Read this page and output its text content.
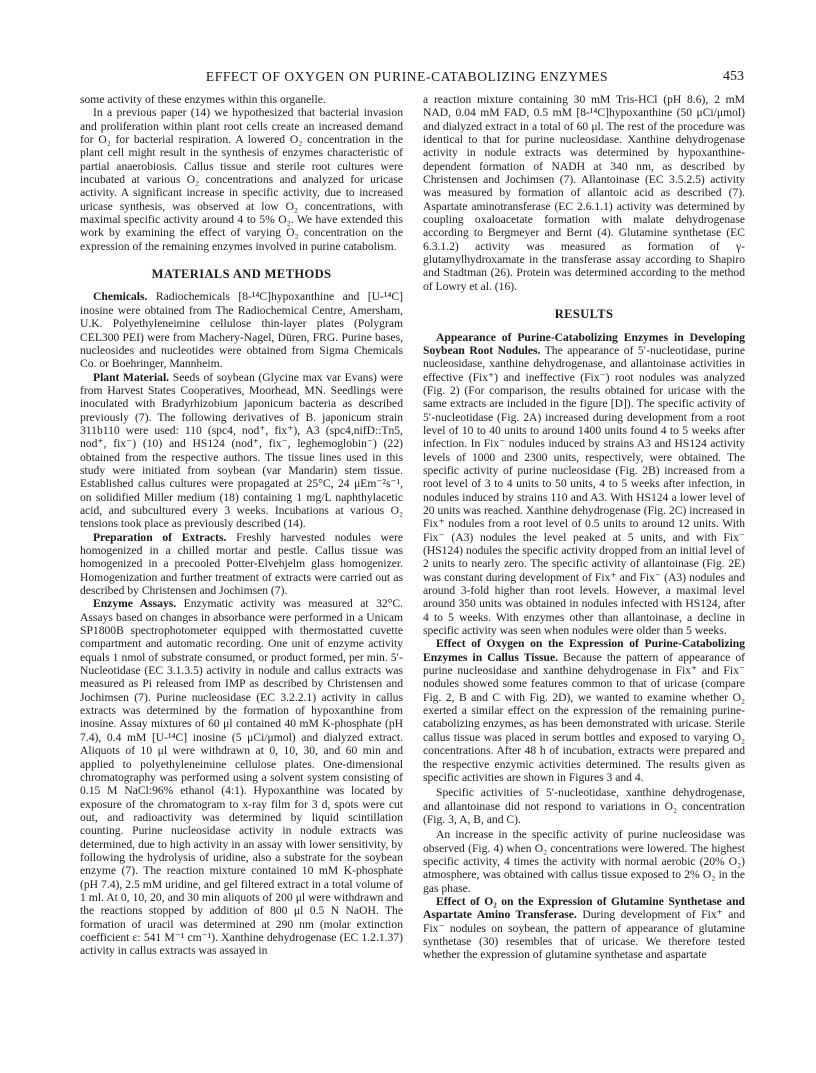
EFFECT OF OXYGEN ON PURINE-CATABOLIZING ENZYMES	453

some activity of these enzymes within this organelle.

In a previous paper (14) we hypothesized that bacterial invasion and proliferation within plant root cells create an increased demand for O₂ for bacterial respiration. A lowered O₂ concentration in the plant cell might result in the synthesis of enzymes characteristic of partial anaerobiosis. Callus tissue and sterile root cultures were incubated at various O₂ concentrations and analyzed for uricase activity. A significant increase in specific activity, due to increased uricase synthesis, was observed at low O₂ concentrations, with maximal specific activity around 4 to 5% O₂. We have extended this work by examining the effect of varying O₂ concentration on the expression of the remaining enzymes involved in purine catabolism.

MATERIALS AND METHODS

Chemicals. Radiochemicals [8-¹⁴C]hypoxanthine and [U-¹⁴C] inosine were obtained from The Radiochemical Centre, Amersham, U.K. Polyethyleneimine cellulose thin-layer plates (Polygram CEL300 PEI) were from Machery-Nagel, Düren, FRG. Purine bases, nucleosides and nucleotides were obtained from Sigma Chemicals Co. or Boehringer, Mannheim.

Plant Material. Seeds of soybean (Glycine max var Evans) were from Harvest States Cooperatives, Moorhead, MN. Seedlings were inoculated with Bradyrhizobium japonicum bacteria as described previously (7). The following derivatives of B. japonicum strain 311b110 were used: 110 (spc4, nod⁺, fix⁺), A3 (spc4,nifD::Tn5, nod⁺, fix⁻) (10) and HS124 (nod⁺, fix⁻, leghemoglobin⁻) (22) obtained from the respective authors. The tissue lines used in this study were initiated from soybean (var Mandarin) stem tissue. Established callus cultures were propagated at 25°C, 24 μEm⁻²s⁻¹, on solidified Miller medium (18) containing 1 mg/L naphthylacetic acid, and subcultured every 3 weeks. Incubations at various O₂ tensions took place as previously described (14).

Preparation of Extracts. Freshly harvested nodules were homogenized in a chilled mortar and pestle. Callus tissue was homogenized in a precooled Potter-Elvehjelm glass homogenizer. Homogenization and further treatment of extracts were carried out as described by Christensen and Jochimsen (7).

Enzyme Assays. Enzymatic activity was measured at 32°C. Assays based on changes in absorbance were performed in a Unicam SP1800B spectrophotometer equipped with thermostatted cuvette compartment and automatic recording. One unit of enzyme activity equals 1 nmol of substrate consumed, or product formed, per min. 5′-Nucleotidase (EC 3.1.3.5) activity in nodule and callus extracts was measured as Pi released from IMP as described by Christensen and Jochimsen (7). Purine nucleosidase (EC 3.2.2.1) activity in callus extracts was determined by the formation of hypoxanthine from inosine. Assay mixtures of 60 μl contained 40 mM K-phosphate (pH 7.4), 0.4 mM [U-¹⁴C] inosine (5 μCi/μmol) and dialyzed extract. Aliquots of 10 μl were withdrawn at 0, 10, 30, and 60 min and applied to polyethyleneimine cellulose plates. One-dimensional chromatography was performed using a solvent system consisting of 0.15 M NaCl:96% ethanol (4:1). Hypoxanthine was located by exposure of the chromatogram to x-ray film for 3 d, spots were cut out, and radioactivity was determined by liquid scintillation counting. Purine nucleosidase activity in nodule extracts was determined, due to high activity in an assay with lower sensitivity, by following the hydrolysis of uridine, also a substrate for the soybean enzyme (7). The reaction mixture contained 10 mM K-phosphate (pH 7.4), 2.5 mM uridine, and gel filtered extract in a total volume of 1 ml. At 0, 10, 20, and 30 min aliquots of 200 μl were withdrawn and the reactions stopped by addition of 800 μl 0.5 N NaOH. The formation of uracil was determined at 290 nm (molar extinction coefficient ε: 541 M⁻¹ cm⁻¹). Xanthine dehydrogenase (EC 1.2.1.37) activity in callus extracts was assayed in

a reaction mixture containing 30 mM Tris-HCl (pH 8.6), 2 mM NAD, 0.04 mM FAD, 0.5 mM [8-¹⁴C]hypoxanthine (50 μCi/μmol) and dialyzed extract in a total of 60 μl. The rest of the procedure was identical to that for purine nucleosidase. Xanthine dehydrogenase activity in nodule extracts was determined by hypoxanthine-dependent formation of NADH at 340 nm, as described by Christensen and Jochimsen (7). Allantoinase (EC 3.5.2.5) activity was measured by formation of allantoic acid as described (7). Aspartate aminotransferase (EC 2.6.1.1) activity was determined by coupling oxaloacetate formation with malate dehydrogenase according to Bergmeyer and Bernt (4). Glutamine synthetase (EC 6.3.1.2) activity was measured as formation of γ-glutamylhydroxamate in the transferase assay according to Shapiro and Stadtman (26). Protein was determined according to the method of Lowry et al. (16).

RESULTS

Appearance of Purine-Catabolizing Enzymes in Developing Soybean Root Nodules. The appearance of 5′-nucleotidase, purine nucleosidase, xanthine dehydrogenase, and allantoinase activities in effective (Fix⁺) and ineffective (Fix⁻) root nodules was analyzed (Fig. 2) (For comparison, the results obtained for uricase with the same extracts are included in the figure [D]). The specific activity of 5′-nucleotidase (Fig. 2A) increased during development from a root level of 10 to 40 units to around 1400 units found 4 to 5 weeks after infection. In Fix⁻ nodules induced by strains A3 and HS124 activity levels of 1000 and 2300 units, respectively, were obtained. The specific activity of purine nucleosidase (Fig. 2B) increased from a root level of 3 to 4 units to 50 units, 4 to 5 weeks after infection, in nodules induced by strains 110 and A3. With HS124 a lower level of 20 units was reached. Xanthine dehydrogenase (Fig. 2C) increased in Fix⁺ nodules from a root level of 0.5 units to around 12 units. With Fix⁻ (A3) nodules the level peaked at 5 units, and with Fix⁻ (HS124) nodules the specific activity dropped from an initial level of 2 units to nearly zero. The specific activity of allantoinase (Fig. 2E) was constant during development of Fix⁺ and Fix⁻ (A3) nodules and around 3-fold higher than root levels. However, a maximal level around 350 units was obtained in nodules infected with HS124, after 4 to 5 weeks. With enzymes other than allantoinase, a decline in specific activity was seen when nodules were older than 5 weeks.

Effect of Oxygen on the Expression of Purine-Catabolizing Enzymes in Callus Tissue. Because the pattern of appearance of purine nucleosidase and xanthine dehydrogenase in Fix⁺ and Fix⁻ nodules showed some features common to that of uricase (compare Fig. 2, B and C with Fig. 2D), we wanted to examine whether O₂ exerted a similar effect on the expression of the remaining purine-catabolizing enzymes, as has been demonstrated with uricase. Sterile callus tissue was placed in serum bottles and exposed to varying O₂ concentrations. After 48 h of incubation, extracts were prepared and the respective enzymic activities determined. The results given as specific activities are shown in Figures 3 and 4.

Specific activities of 5′-nucleotidase, xanthine dehydrogenase, and allantoinase did not respond to variations in O₂ concentration (Fig. 3, A, B, and C).

An increase in the specific activity of purine nucleosidase was observed (Fig. 4) when O₂ concentrations were lowered. The highest specific activity, 4 times the activity with normal aerobic (20% O₂) atmosphere, was obtained with callus tissue exposed to 2% O₂ in the gas phase.

Effect of O₂ on the Expression of Glutamine Synthetase and Aspartate Amino Transferase. During development of Fix⁺ and Fix⁻ nodules on soybean, the pattern of appearance of glutamine synthetase (30) resembles that of uricase. We therefore tested whether the expression of glutamine synthetase and aspartate
